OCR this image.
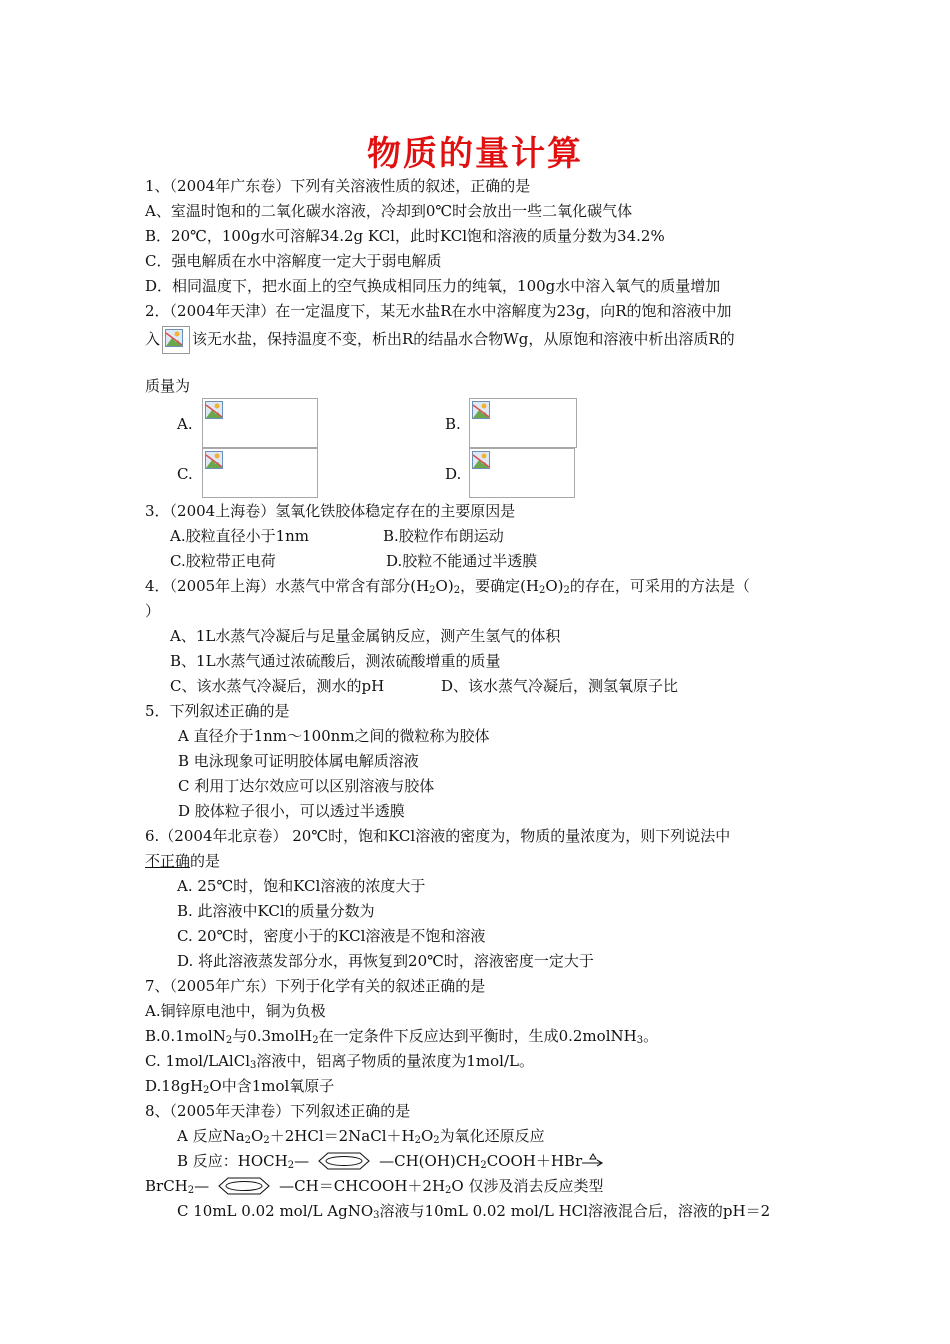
物质的量计算
1、（2004年广东卷）下列有关溶液性质的叙述，正确的是
A、室温时饱和的二氧化碳水溶液，冷却到0℃时会放出一些二氧化碳气体
B．20℃，100g水可溶解34.2g KCl，此时KCl饱和溶液的质量分数为34.2%
C．强电解质在水中溶解度一定大于弱电解质
D．相同温度下，把水面上的空气换成相同压力的纯氧，100g水中溶入氧气的质量增加
2．（2004年天津）在一定温度下，某无水盐R在水中溶解度为23g，向R的饱和溶液中加
入 该无水盐，保持温度不变，析出R的结晶水合物Wg，从原饱和溶液中析出溶质R的
质量为
A.	B.
C.	D.
3．（2004上海卷）氢氧化铁胶体稳定存在的主要原因是
A.胶粒直径小于1nm	B.胶粒作布朗运动
C.胶粒带正电荷	D.胶粒不能通过半透膜
4．（2005年上海）水蒸气中常含有部分$(H_2O)_2$，要确定$(H_2O)_2$的存在，可采用的方法是（
）
A、1L水蒸气冷凝后与足量金属钠反应，测产生氢气的体积
B、1L水蒸气通过浓硫酸后，测浓硫酸增重的质量
C、该水蒸气冷凝后，测水的pH	D、该水蒸气冷凝后，测氢氧原子比
5．下列叙述正确的是
A 直径介于1nm～100nm之间的微粒称为胶体
B 电泳现象可证明胶体属电解质溶液
C 利用丁达尔效应可以区别溶液与胶体
D 胶体粒子很小，可以透过半透膜
6.（2004年北京卷） 20℃时，饱和KCl溶液的密度为，物质的量浓度为，则下列说法中
不正确的是
A. 25℃时，饱和KCl溶液的浓度大于
B. 此溶液中KCl的质量分数为
C. 20℃时，密度小于的KCl溶液是不饱和溶液
D. 将此溶液蒸发部分水，再恢复到20℃时，溶液密度一定大于
7、（2005年广东）下列于化学有关的叙述正确的是
A.铜锌原电池中，铜为负极
B.0.1molN$_2$与0.3molH$_2$在一定条件下反应达到平衡时，生成0.2molNH$_3$。
C. 1mol/LAlCl$_3$溶液中，铝离子物质的量浓度为1mol/L。
$D.18gH_2O$中含1mol氧原子
8、（2005年天津卷）下列叙述正确的是
A 反应$Na_2O_2+2HCl=2NaCl+H_2O_2$为氧化还原反应
B 反应：$HOCH_2—$	$—CH(OH)CH_2COOH+HBr$
BrCH$_2$—	$—CH=CHCOOH+2H_2O$ 仅涉及消去反应类型
C 10mL 0.02 mol/L AgNO$_3$溶液与10mL 0.02 mol/L HCl溶液混合后，溶液的pH＝2
